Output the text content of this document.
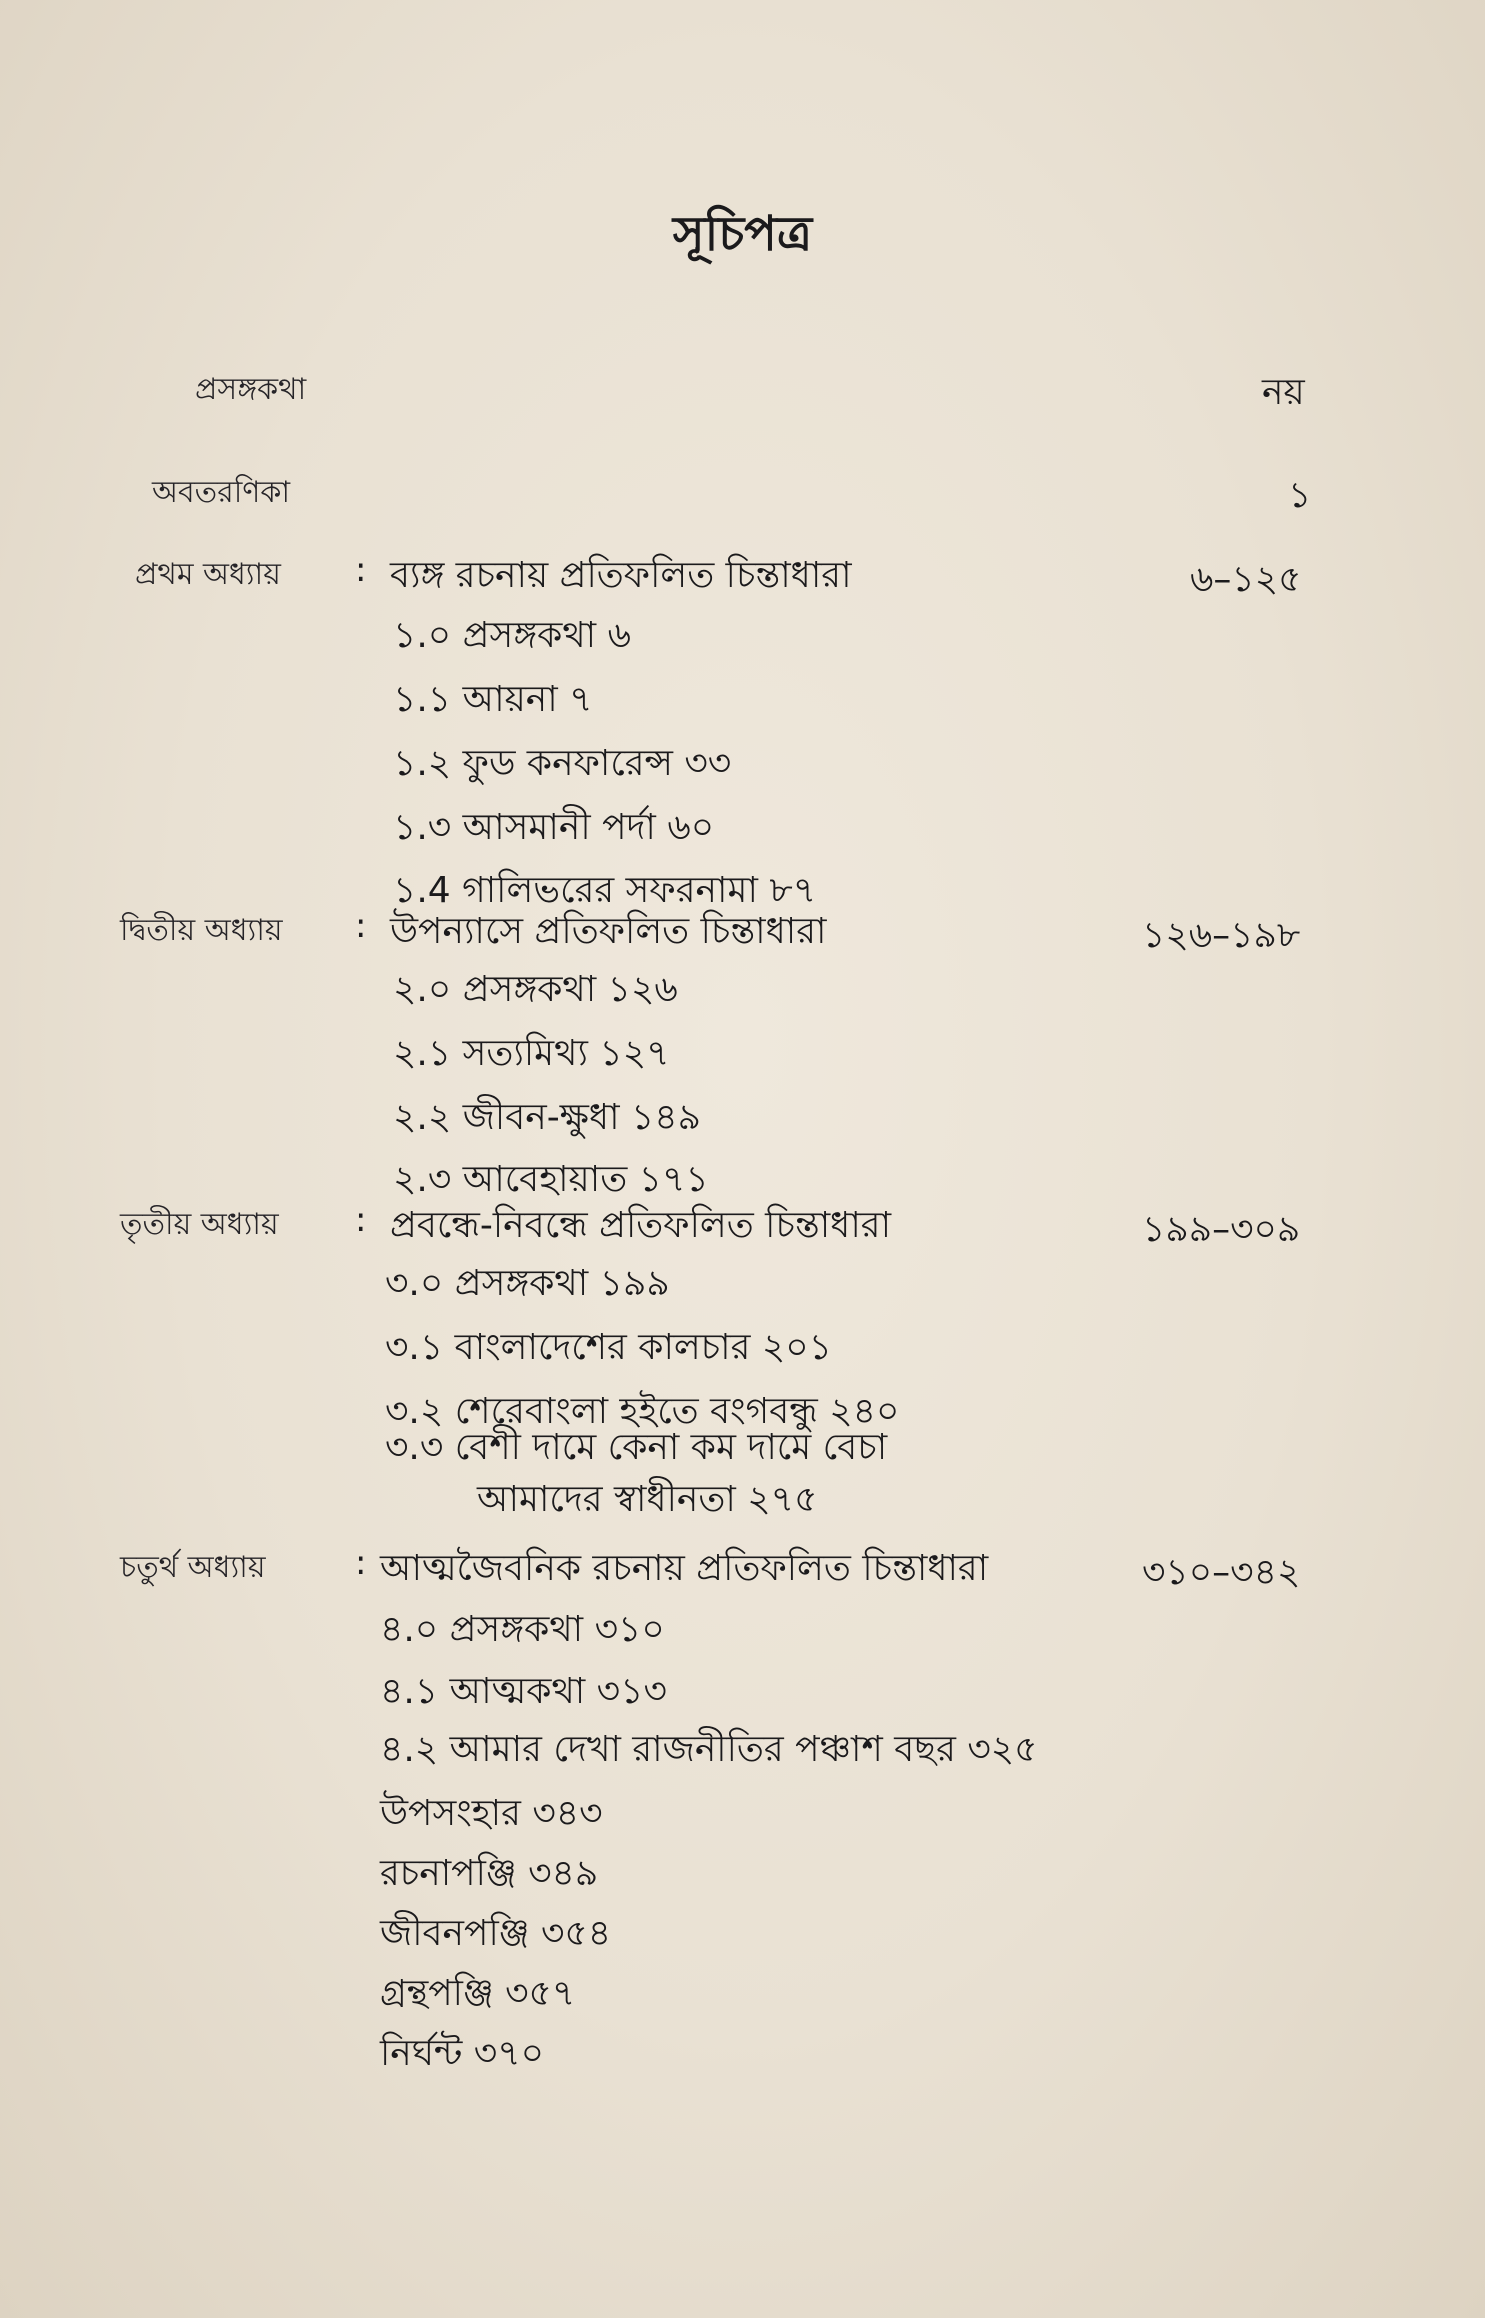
সূচিপত্র
প্রসঙ্গকথা	নয়
অবতরণিকা	১
প্রথম অধ্যায় : ব্যঙ্গ রচনায় প্রতিফলিত চিন্তাধারা	৬–১২৫
১.০ প্রসঙ্গকথা ৬
১.১ আয়না ৭
১.২ ফুড কনফারেন্স ৩৩
১.৩ আসমানী পর্দা ৬০
১.4 গালিভরের সফরনামা ৮৭
দ্বিতীয় অধ্যায় : উপন্যাসে প্রতিফলিত চিন্তাধারা	১২৬–১৯৮
২.০ প্রসঙ্গকথা ১২৬
২.১ সত্যমিথ্য ১২৭
২.২ জীবন-ক্ষুধা ১৪৯
২.৩ আবেহায়াত ১৭১
তৃতীয় অধ্যায় : প্রবন্ধে-নিবন্ধে প্রতিফলিত চিন্তাধারা	১৯৯–৩০৯
৩.০ প্রসঙ্গকথা ১৯৯
৩.১ বাংলাদেশের কালচার ২০১
৩.২ শেরেবাংলা হইতে বংগবন্ধু ২৪০
৩.৩ বেশী দামে কেনা কম দামে বেচা
আমাদের স্বাধীনতা ২৭৫
চতুর্থ অধ্যায়	: আত্মজৈবনিক রচনায় প্রতিফলিত চিন্তাধারা	৩১০–৩৪২
৪.০ প্রসঙ্গকথা ৩১০
৪.১ আত্মকথা ৩১৩
৪.২ আমার দেখা রাজনীতির পঞ্চাশ বছর ৩২৫
উপসংহার ৩৪৩
রচনাপঞ্জি ৩৪৯
জীবনপঞ্জি ৩৫৪
গ্রন্থপঞ্জি ৩৫৭
নির্ঘন্ট ৩৭০
